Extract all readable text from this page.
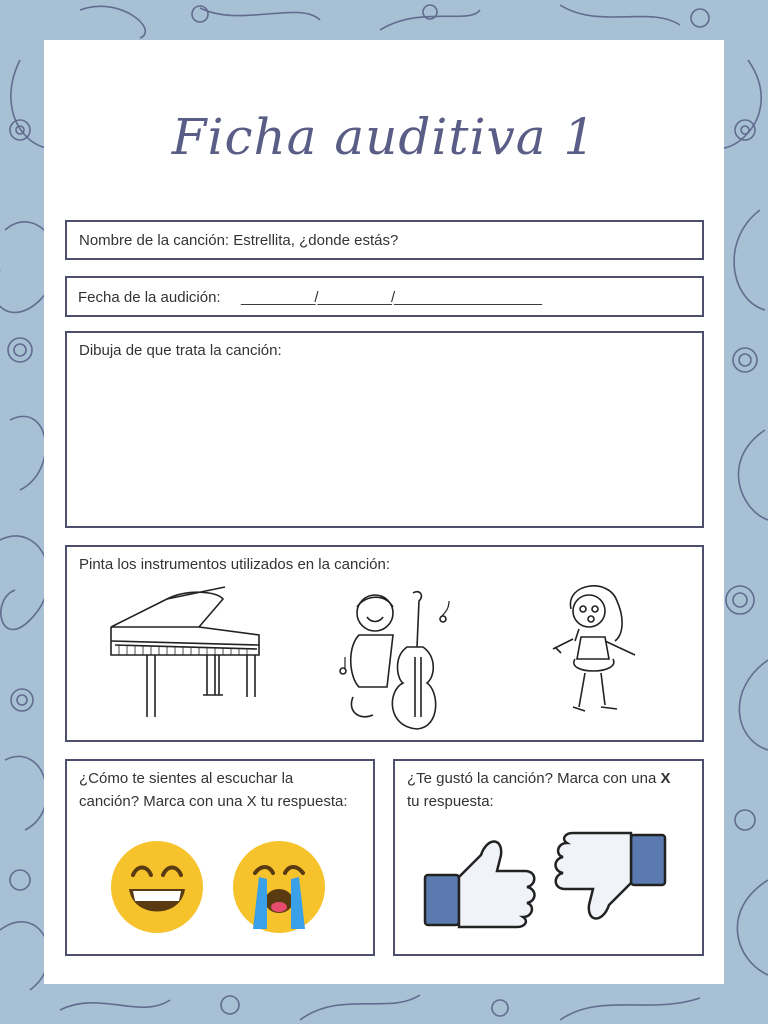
Ficha auditiva 1
Nombre de la canción: Estrellita, ¿donde estás?
Fecha de la audición: __________/__________/____________________
Dibuja de que trata la canción:
Pinta los instrumentos utilizados en la canción:
¿Cómo te sientes al escuchar la
canción? Marca con una X tu respuesta:
¿Te gustó la canción? Marca con una X
tu respuesta:
